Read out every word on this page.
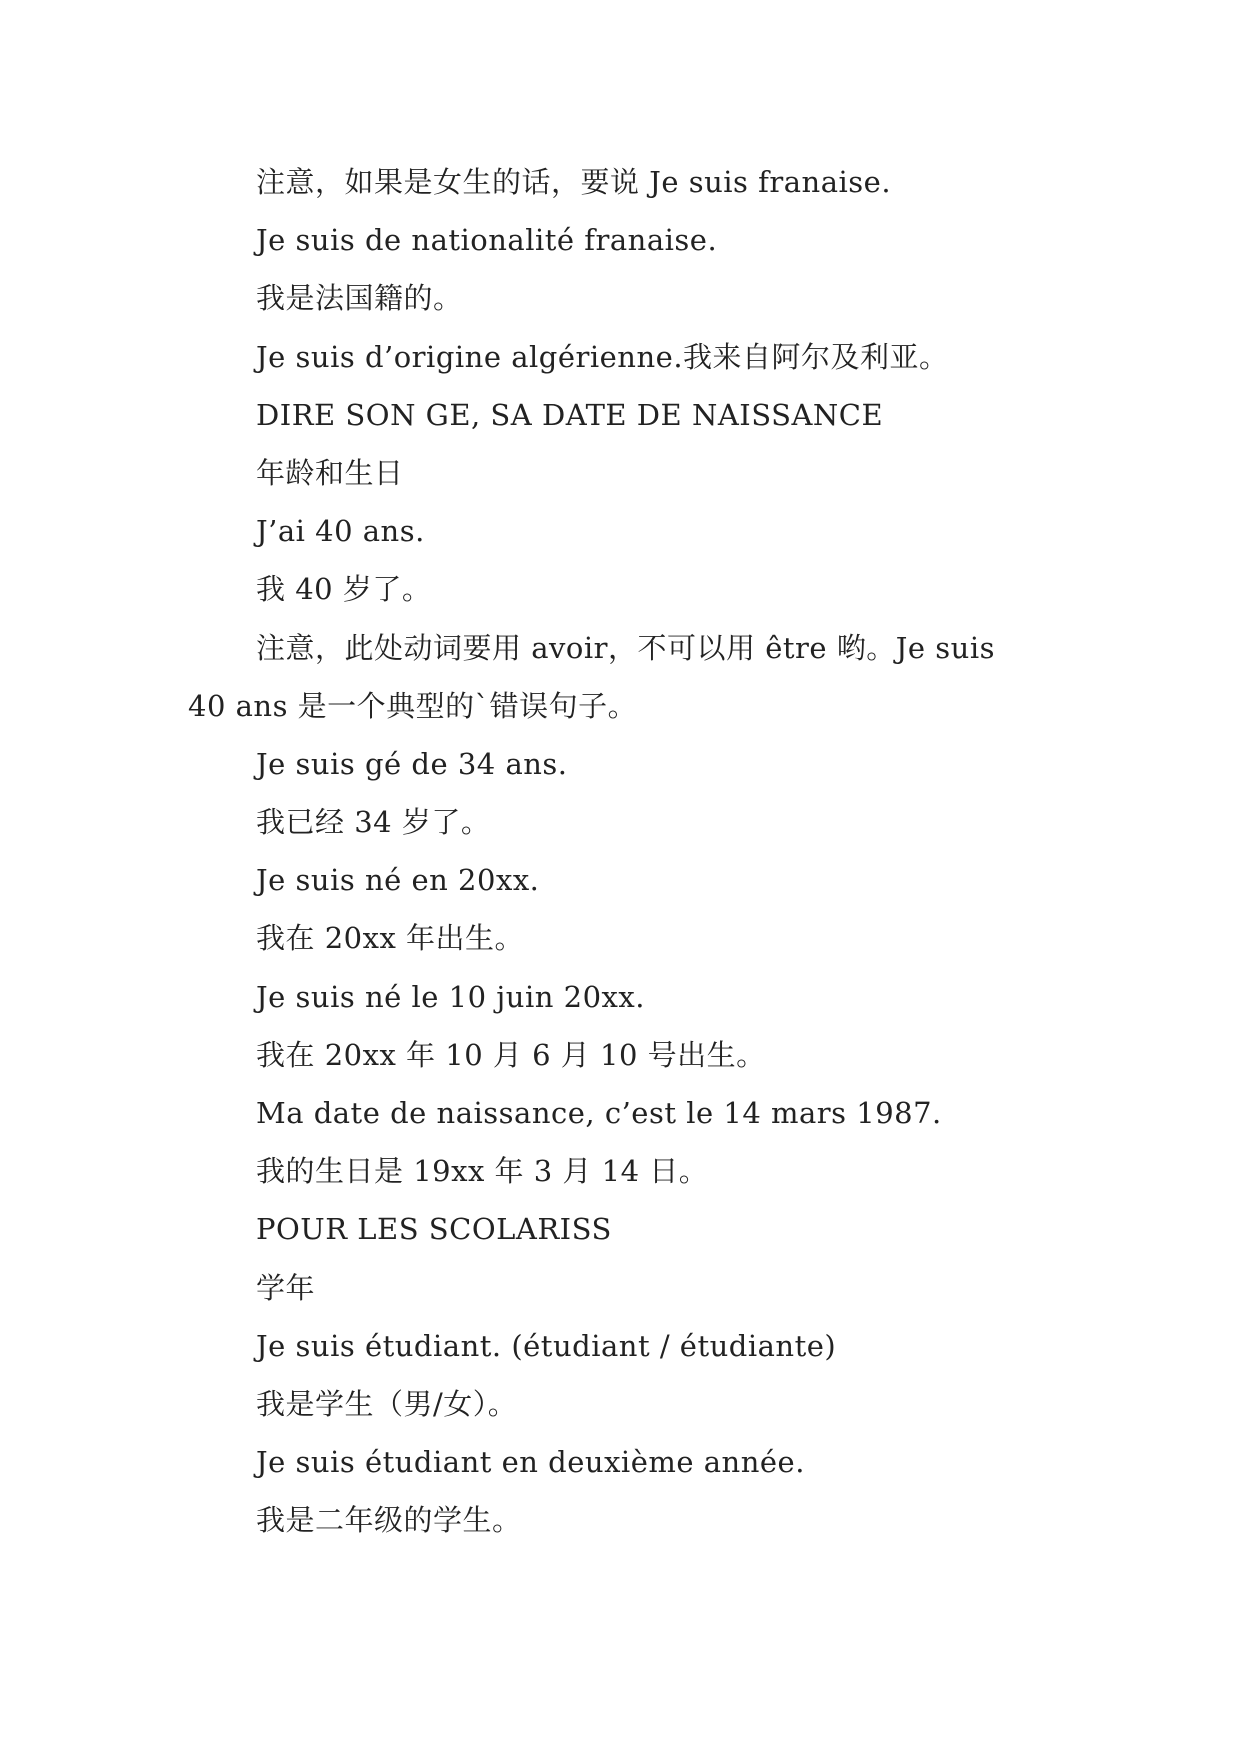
注意，如果是女生的话，要说 Je suis franaise.
Je suis de nationalité franaise.
我是法国籍的。
Je suis d’origine algérienne.我来自阿尔及利亚。
DIRE SON GE, SA DATE DE NAISSANCE
年龄和生日
J’ai 40 ans.
我 40 岁了。
注意，此处动词要用 avoir，不可以用 être 哟。Je suis
40 ans 是一个典型的`错误句子。
Je suis gé de 34 ans.
我已经 34 岁了。
Je suis né en 20xx.
我在 20xx 年出生。
Je suis né le 10 juin 20xx.
我在 20xx 年 10 月 6 月 10 号出生。
Ma date de naissance, c’est le 14 mars 1987.
我的生日是 19xx 年 3 月 14 日。
POUR LES SCOLARISS
学年
Je suis étudiant. (étudiant / étudiante)
我是学生（男/女）。
Je suis étudiant en deuxième année.
我是二年级的学生。
